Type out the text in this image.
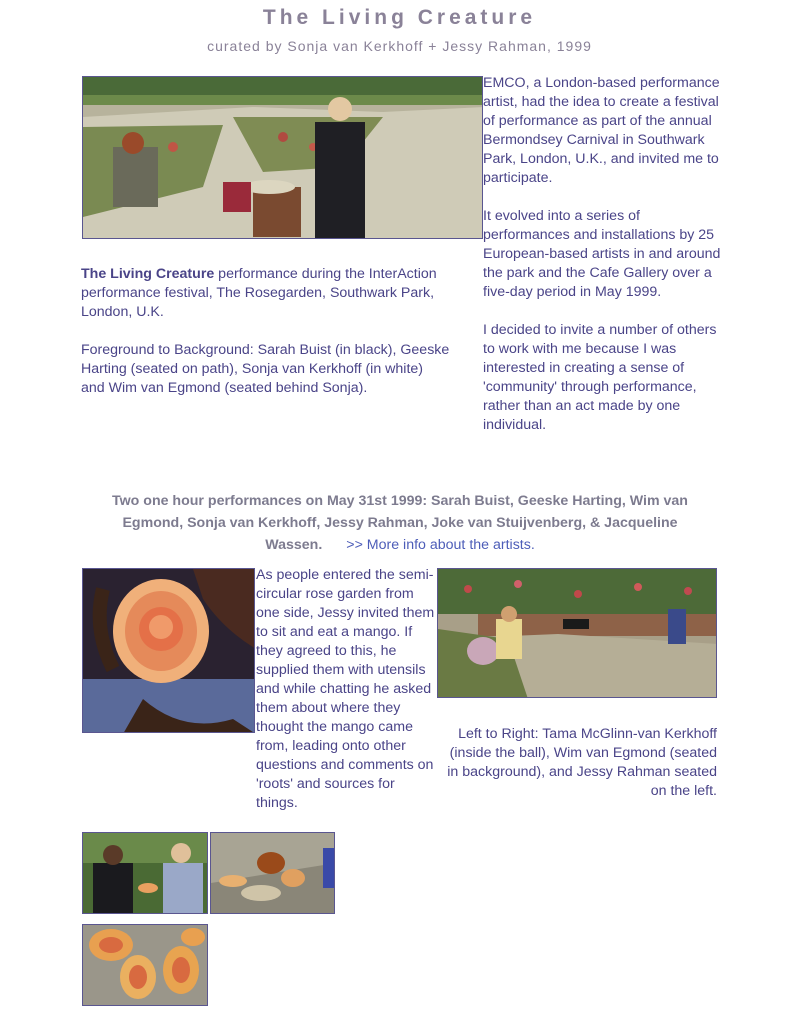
The Living Creature
curated by Sonja van Kerkhoff + Jessy Rahman, 1999

EMCO, a London-based performance artist, had the idea to create a festival of performance as part of the annual Bermondsey Carnival in Southwark Park, London, U.K., and invited me to participate.

It evolved into a series of performances and installations by 25 European-based artists in and around the park and the Cafe Gallery over a five-day period in May 1999.

I decided to invite a number of others to work with me because I was interested in creating a sense of 'community' through performance, rather than an act made by one individual.

The Living Creature performance during the InterAction performance festival, The Rosegarden, Southwark Park, London, U.K.

Foreground to Background: Sarah Buist (in black), Geeske Harting (seated on path), Sonja van Kerkhoff (in white)

and Wim van Egmond (seated behind Sonja).

Two one hour performances on May 31st 1999: Sarah Buist, Geeske Harting, Wim van Egmond, Sonja van Kerkhoff, Jessy Rahman, Joke van Stuijvenberg, & Jacqueline Wassen. >> More info about the artists.
As people entered the semi-circular rose garden from one side, Jessy invited them to sit and eat a mango. If they agreed to this, he supplied them with utensils and while chatting he asked them about where they thought the mango came from, leading onto other questions and comments on 'roots' and sources for things.
Left to Right: Tama McGlinn-van Kerkhoff (inside the ball), Wim van Egmond (seated in background), and Jessy Rahman seated on the left.
